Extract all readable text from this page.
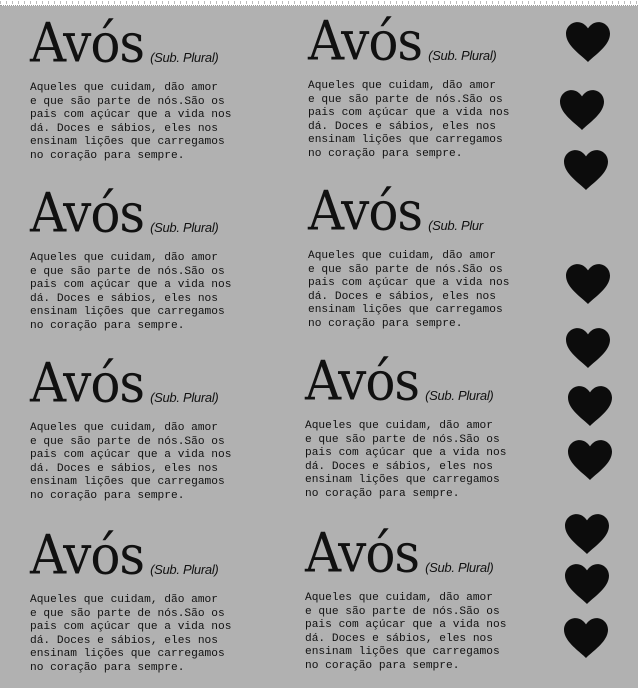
Avós (Sub. Plural)
Aqueles que cuidam, dão amor
e que são parte de nós.São os
pais com açúcar que a vida nos
dá. Doces e sábios, eles nos
ensinam lições que carregamos
no coração para sempre.
Avós (Sub. Plural)
Aqueles que cuidam, dão amor
e que são parte de nós.São os
pais com açúcar que a vida nos
dá. Doces e sábios, eles nos
ensinam lições que carregamos
no coração para sempre.
Avós (Sub. Plural)
Aqueles que cuidam, dão amor
e que são parte de nós.São os
pais com açúcar que a vida nos
dá. Doces e sábios, eles nos
ensinam lições que carregamos
no coração para sempre.
Avós (Sub. Plur
Aqueles que cuidam, dão amor
e que são parte de nós.São os
pais com açúcar que a vida nos
dá. Doces e sábios, eles nos
ensinam lições que carregamos
no coração para sempre.
Avós (Sub. Plural)
Aqueles que cuidam, dão amor
e que são parte de nós.São os
pais com açúcar que a vida nos
dá. Doces e sábios, eles nos
ensinam lições que carregamos
no coração para sempre.
Avós (Sub. Plural)
Aqueles que cuidam, dão amor
e que são parte de nós.São os
pais com açúcar que a vida nos
dá. Doces e sábios, eles nos
ensinam lições que carregamos
no coração para sempre.
Avós (Sub. Plural)
Aqueles que cuidam, dão amor
e que são parte de nós.São os
pais com açúcar que a vida nos
dá. Doces e sábios, eles nos
ensinam lições que carregamos
no coração para sempre.
Avós (Sub. Plural)
Aqueles que cuidam, dão amor
e que são parte de nós.São os
pais com açúcar que a vida nos
dá. Doces e sábios, eles nos
ensinam lições que carregamos
no coração para sempre.
